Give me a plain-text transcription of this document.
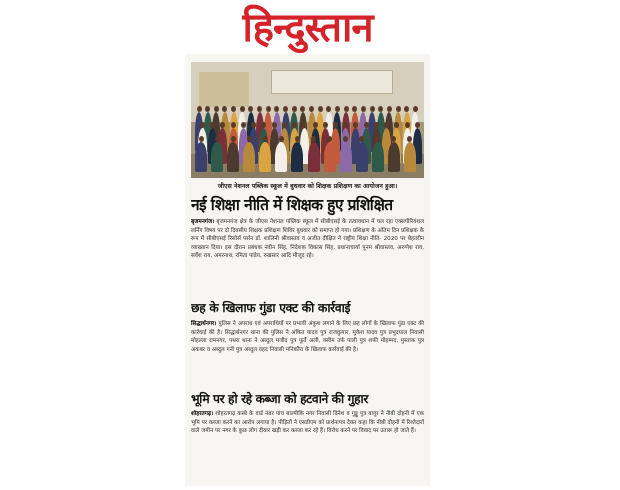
हिन्दुस्तान
जीएस नेशनल पब्लिक स्कूल में बुधवार को शिक्षक प्रशिक्षण का आयोजन हुआ।
नई शिक्षा नीति में शिक्षक हुए प्रशिक्षित
बृजमनगंज। बृजमनगंज क्षेत्र के जीएस नेशनल पब्लिक स्कूल में सीबीएसई के तत्वावधान में चल रहा एक्सपीरियंशल लर्निंग विषय पर दो दिवसीय शिक्षक प्रशिक्षण शिविर बुधवार को समाप्त हो गया। प्रशिक्षण के अंतिम दिन प्रशिक्षक के रूप में सीबीएसई रिसोर्स पर्सन डॉ. शालिनी श्रीवास्तव व अजीत दीक्षित ने राष्ट्रीय शिक्षा नीति- 2020 पर बेहतरीन व्याख्यान दिया। इस दौरान प्रबंधक नवीन सिंह, निदेशक विकास सिंह, प्रधानाचार्या पूनम श्रीवास्तव, अरुणेश राय, सर्वेश राय, अमरनाथ, रमिता पांडेय, रुखसार आदि मौजूद रहे।
छह के खिलाफ गुंडा एक्ट की कार्रवाई
सिद्धार्थनगर। पुलिस ने अपराध एवं अपराधियों पर प्रभावी अंकुश लगाने के लिए छह लोगों के खिलाफ गुंडा एक्ट की कार्रवाई की है। सिद्धार्थनगर थाना की पुलिस ने अंकित यादव पुत्र राजकुमार, मुकेश यादव पुत्र प्रभुदयाल निवासी मोहल्ला रामनगर, पथरा थाना ने अब्दुल मजीद पुत्र फूर्ते अली, वसीम उर्फ पाली पुत्र शफी मोहम्मद, मुस्ताक पुत्र अकबर व अब्दुल गनी पुत्र अब्दुल वहद निवासी मनिकौरा के खिलाफ कार्रवाई की है।
भूमि पर हो रहे कब्जा को हटवाने की गुहार
शोहरतगढ़। शोहरतगढ़ कस्बे के वार्ड नंबर पांच बाल्मीकि नगर निवासी दिनेश व गुड्डू पुत्र बागुर ने नीबी दोहनी में एक भूमि पर कब्जा करने का आरोप लगाया है। पीड़ितों ने एसडीएम को प्रार्थनापत्र देकर कहा कि नीबी दोहनी में रिश्तेदारों वाले जमीन पर नगर के कुछ लोग दीवार खड़ी कर कब्जा कर रहे हैं। विरोध करने पर विवाद पर उतारू हो जाते हैं।
